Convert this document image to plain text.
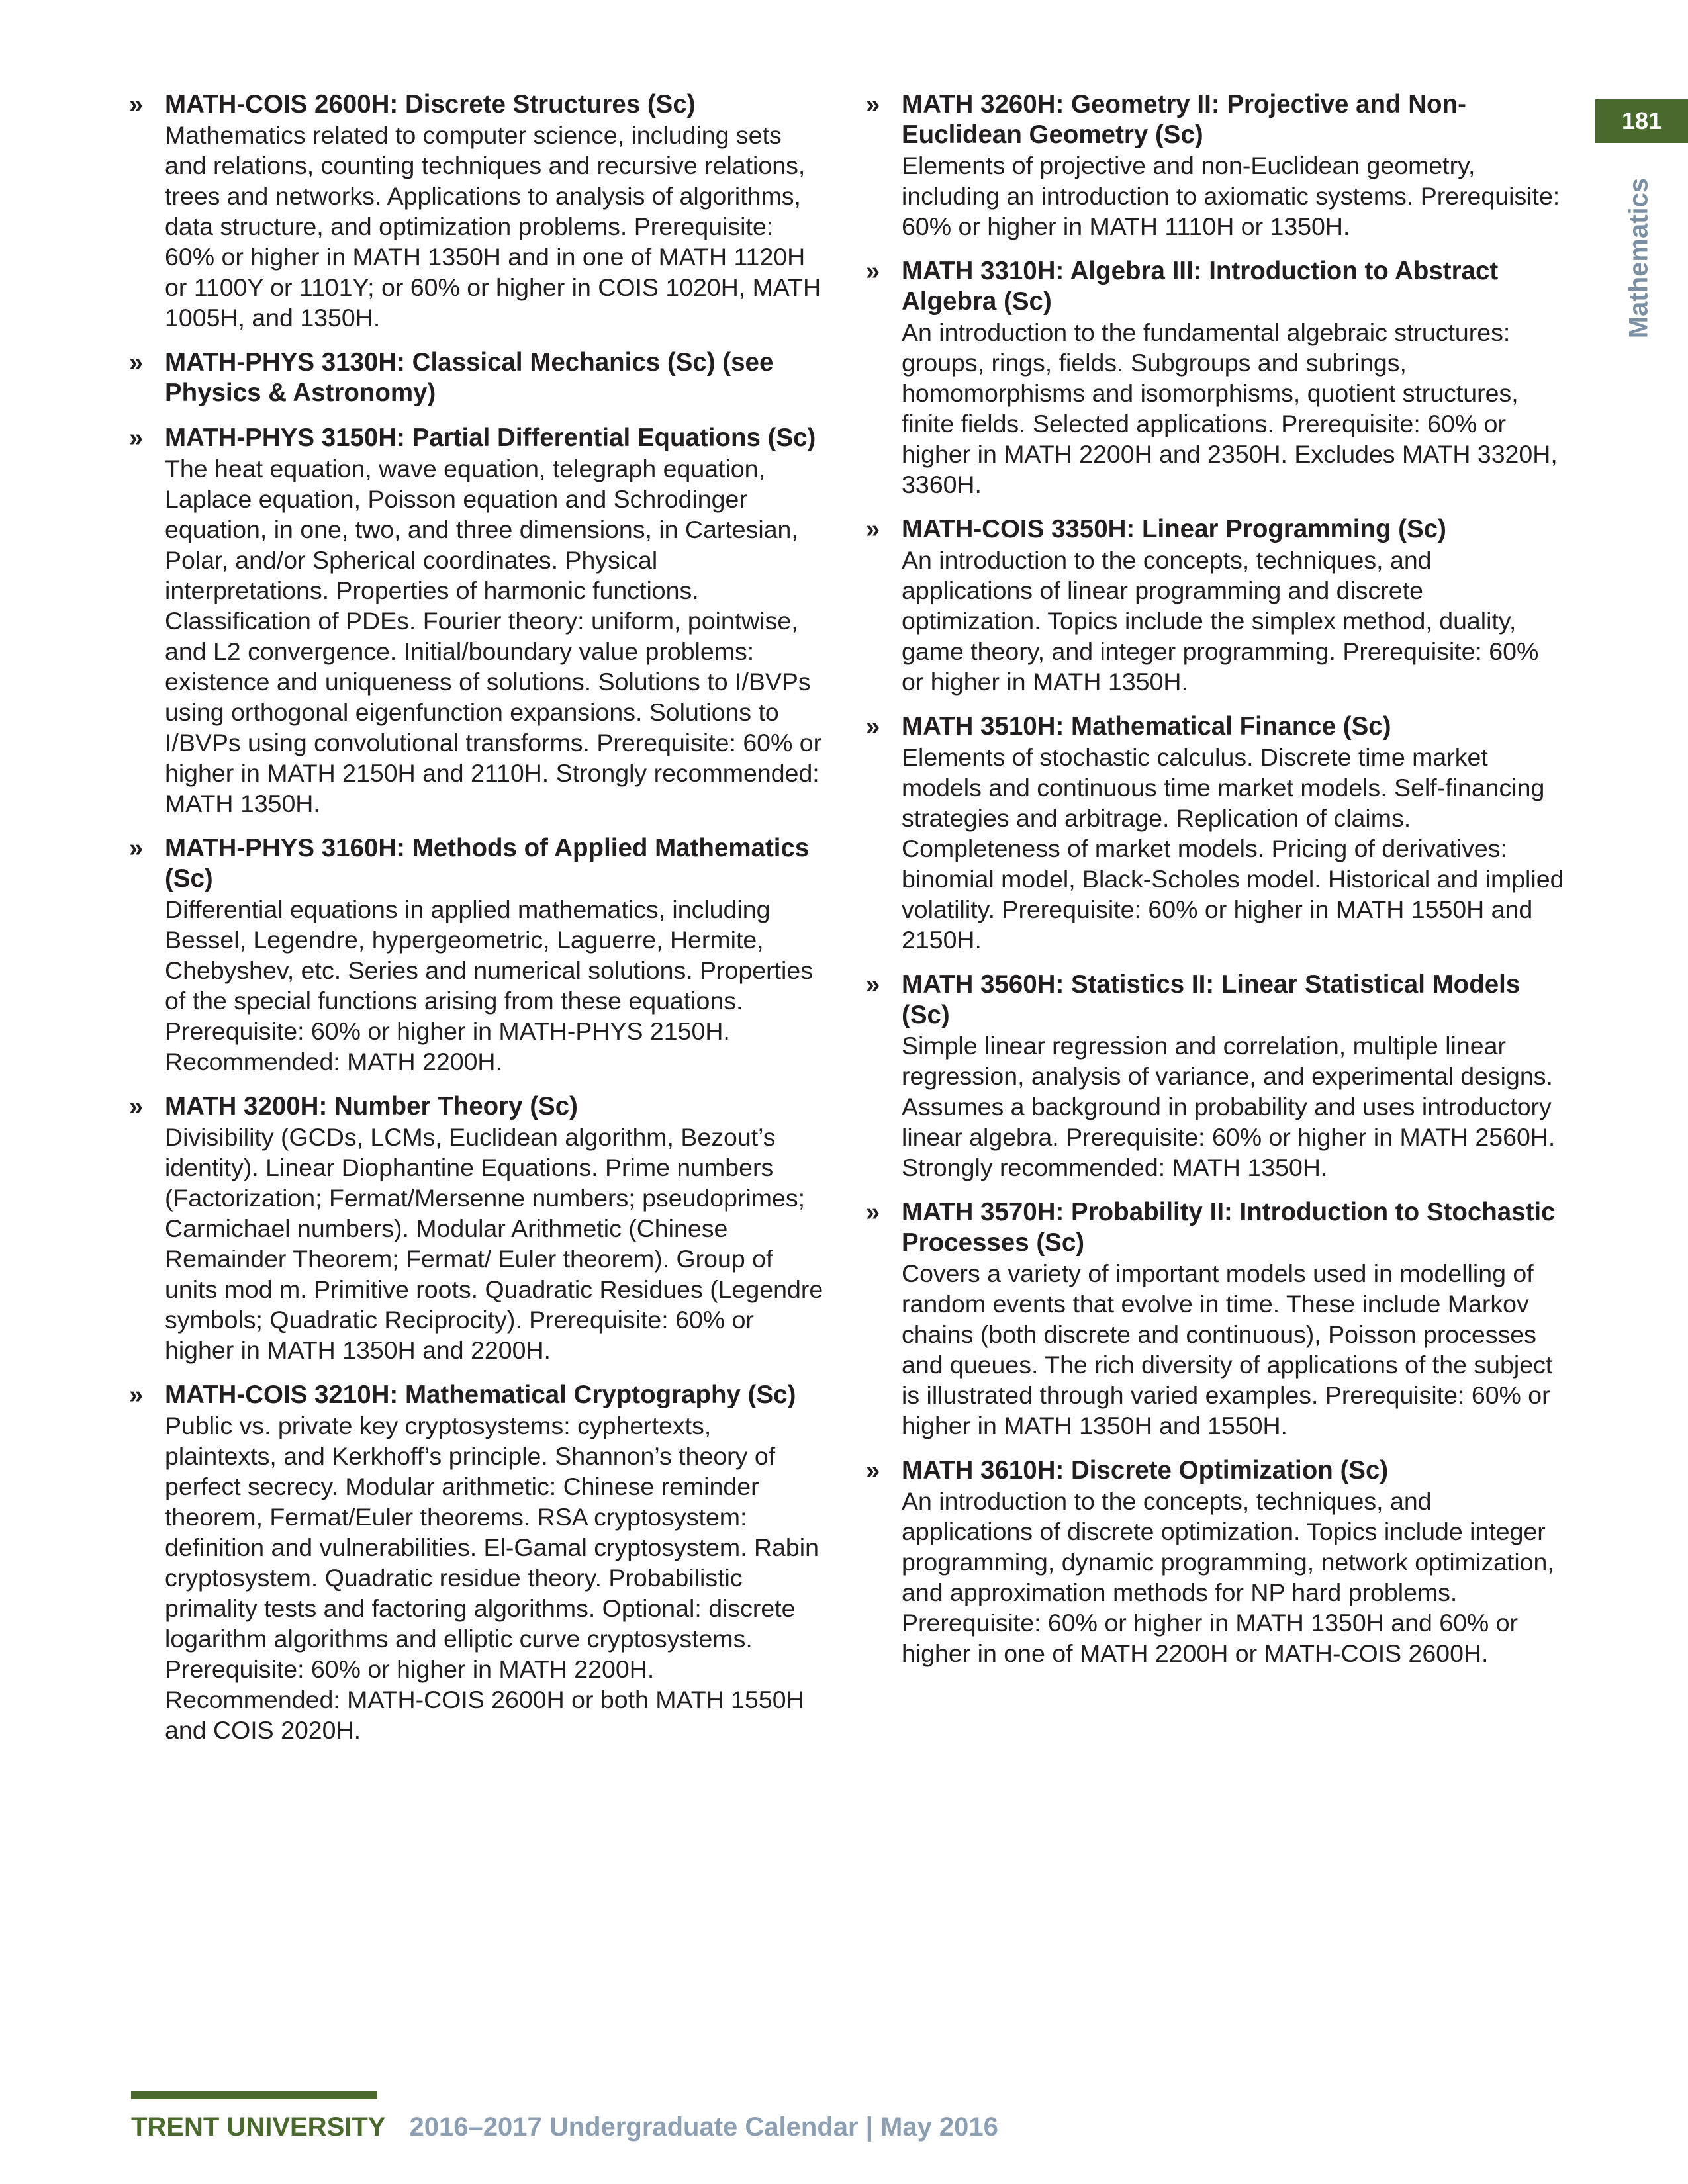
181
Mathematics
» MATH-COIS 2600H: Discrete Structures (Sc)
Mathematics related to computer science, including sets and relations, counting techniques and recursive relations, trees and networks. Applications to analysis of algorithms, data structure, and optimization problems. Prerequisite: 60% or higher in MATH 1350H and in one of MATH 1120H or 1100Y or 1101Y; or 60% or higher in COIS 1020H, MATH 1005H, and 1350H.
» MATH-PHYS 3130H: Classical Mechanics (Sc) (see Physics & Astronomy)
» MATH-PHYS 3150H: Partial Differential Equations (Sc)
The heat equation, wave equation, telegraph equation, Laplace equation, Poisson equation and Schrodinger equation, in one, two, and three dimensions, in Cartesian, Polar, and/or Spherical coordinates. Physical interpretations. Properties of harmonic functions. Classification of PDEs. Fourier theory: uniform, pointwise, and L2 convergence. Initial/boundary value problems: existence and uniqueness of solutions. Solutions to I/BVPs using orthogonal eigenfunction expansions. Solutions to I/BVPs using convolutional transforms. Prerequisite: 60% or higher in MATH 2150H and 2110H. Strongly recommended: MATH 1350H.
» MATH-PHYS 3160H: Methods of Applied Mathematics (Sc)
Differential equations in applied mathematics, including Bessel, Legendre, hypergeometric, Laguerre, Hermite, Chebyshev, etc. Series and numerical solutions. Properties of the special functions arising from these equations. Prerequisite: 60% or higher in MATH-PHYS 2150H. Recommended: MATH 2200H.
» MATH 3200H: Number Theory (Sc)
Divisibility (GCDs, LCMs, Euclidean algorithm, Bezout’s identity). Linear Diophantine Equations. Prime numbers (Factorization; Fermat/Mersenne numbers; pseudoprimes; Carmichael numbers). Modular Arithmetic (Chinese Remainder Theorem; Fermat/ Euler theorem). Group of units mod m. Primitive roots. Quadratic Residues (Legendre symbols; Quadratic Reciprocity). Prerequisite: 60% or higher in MATH 1350H and 2200H.
» MATH-COIS 3210H: Mathematical Cryptography (Sc)
Public vs. private key cryptosystems: cyphertexts, plaintexts, and Kerkhoff’s principle. Shannon’s theory of perfect secrecy. Modular arithmetic: Chinese reminder theorem, Fermat/Euler theorems. RSA cryptosystem: definition and vulnerabilities. El-Gamal cryptosystem. Rabin cryptosystem. Quadratic residue theory. Probabilistic primality tests and factoring algorithms. Optional: discrete logarithm algorithms and elliptic curve cryptosystems. Prerequisite: 60% or higher in MATH 2200H. Recommended: MATH-COIS 2600H or both MATH 1550H and COIS 2020H.
» MATH 3260H: Geometry II: Projective and Non-Euclidean Geometry (Sc)
Elements of projective and non-Euclidean geometry, including an introduction to axiomatic systems. Prerequisite: 60% or higher in MATH 1110H or 1350H.
» MATH 3310H: Algebra III: Introduction to Abstract Algebra (Sc)
An introduction to the fundamental algebraic structures: groups, rings, fields. Subgroups and subrings, homomorphisms and isomorphisms, quotient structures, finite fields. Selected applications. Prerequisite: 60% or higher in MATH 2200H and 2350H. Excludes MATH 3320H, 3360H.
» MATH-COIS 3350H: Linear Programming (Sc)
An introduction to the concepts, techniques, and applications of linear programming and discrete optimization. Topics include the simplex method, duality, game theory, and integer programming. Prerequisite: 60% or higher in MATH 1350H.
» MATH 3510H: Mathematical Finance (Sc)
Elements of stochastic calculus. Discrete time market models and continuous time market models. Self-financing strategies and arbitrage. Replication of claims. Completeness of market models. Pricing of derivatives: binomial model, Black-Scholes model. Historical and implied volatility. Prerequisite: 60% or higher in MATH 1550H and 2150H.
» MATH 3560H: Statistics II: Linear Statistical Models (Sc)
Simple linear regression and correlation, multiple linear regression, analysis of variance, and experimental designs. Assumes a background in probability and uses introductory linear algebra. Prerequisite: 60% or higher in MATH 2560H. Strongly recommended: MATH 1350H.
» MATH 3570H: Probability II: Introduction to Stochastic Processes (Sc)
Covers a variety of important models used in modelling of random events that evolve in time. These include Markov chains (both discrete and continuous), Poisson processes and queues. The rich diversity of applications of the subject is illustrated through varied examples. Prerequisite: 60% or higher in MATH 1350H and 1550H.
» MATH 3610H: Discrete Optimization (Sc)
An introduction to the concepts, techniques, and applications of discrete optimization. Topics include integer programming, dynamic programming, network optimization, and approximation methods for NP hard problems. Prerequisite: 60% or higher in MATH 1350H and 60% or higher in one of MATH 2200H or MATH-COIS 2600H.
TRENT UNIVERSITY 2016–2017 Undergraduate Calendar | May 2016
